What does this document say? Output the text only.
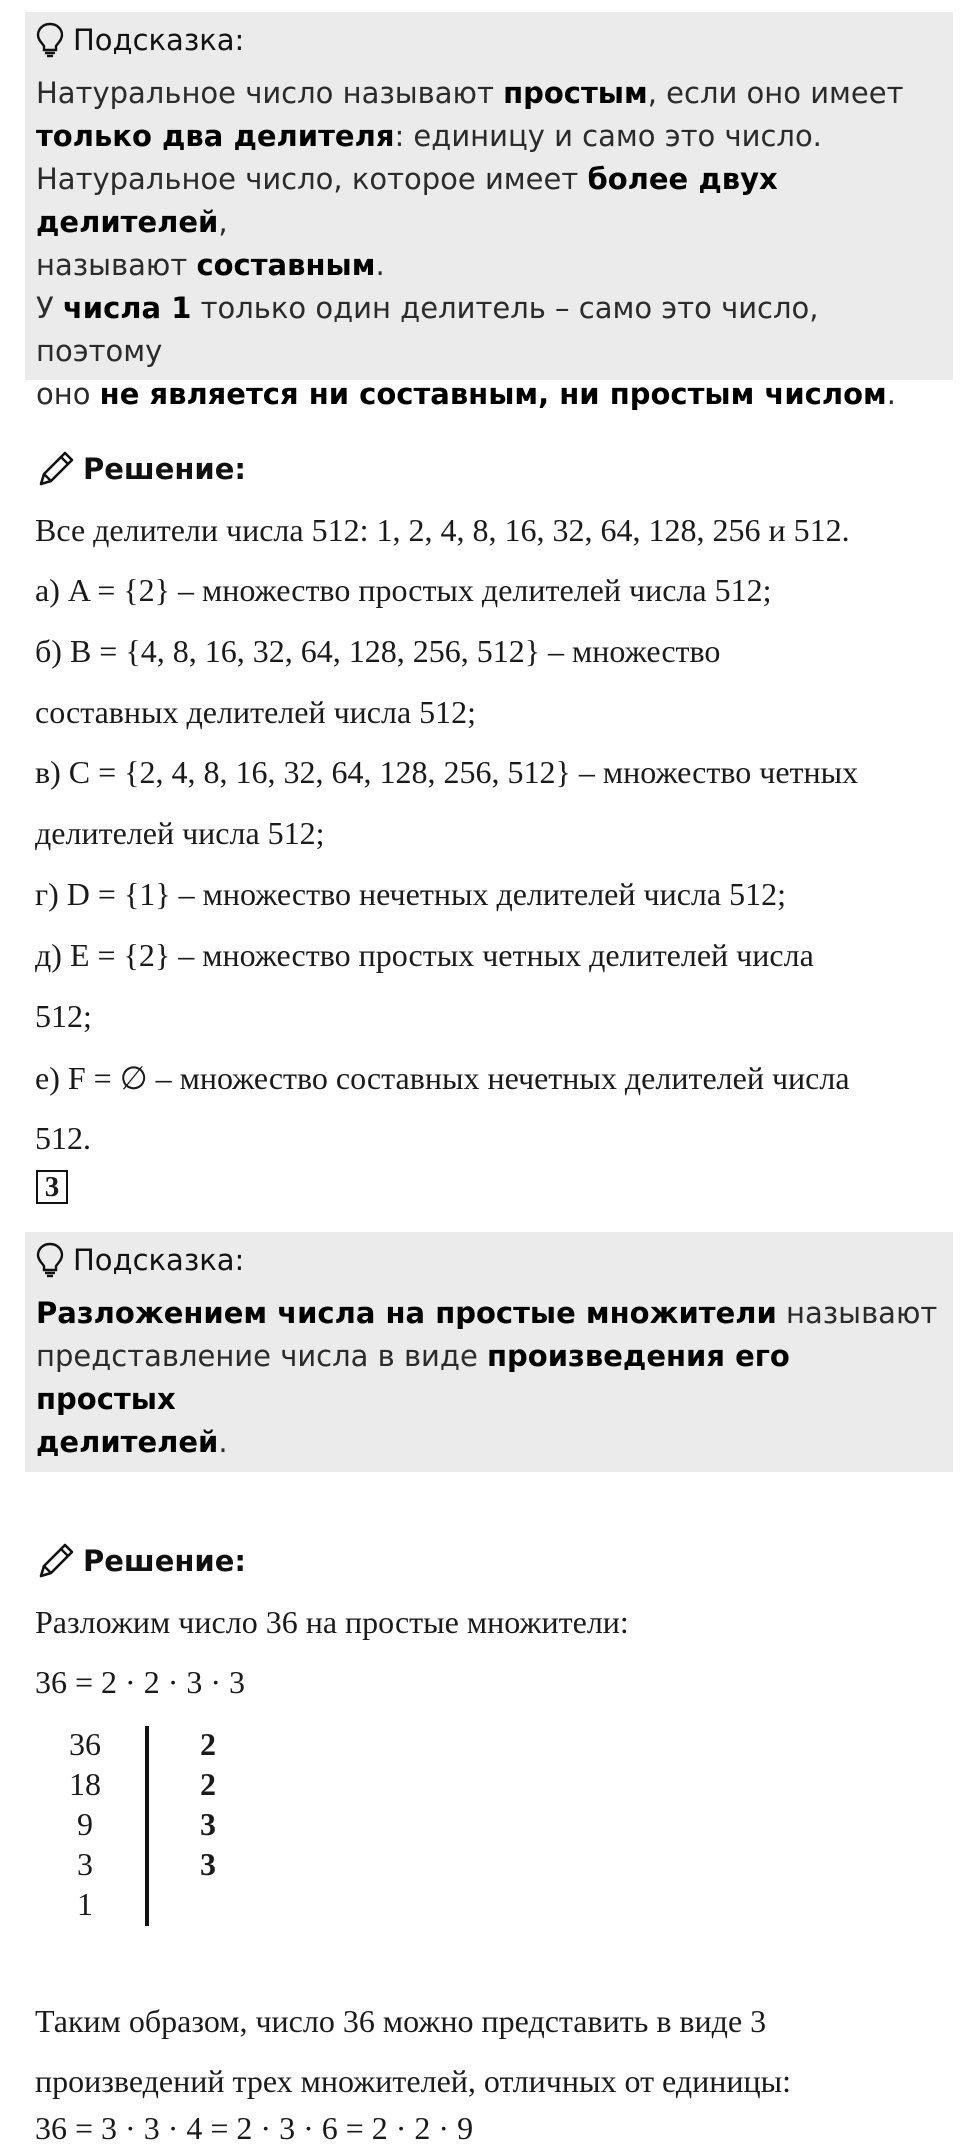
Подсказка:
Натуральное число называют простым, если оно имеет
только два делителя: единицу и само это число.
Натуральное число, которое имеет более двух делителей,
называют составным.
У числа 1 только один делитель – само это число, поэтому
оно не является ни составным, ни простым числом.
Решение:
Все делители числа 512: 1, 2, 4, 8, 16, 32, 64, 128, 256 и 512.
а) A = {2} – множество простых делителей числа 512;
б) B = {4, 8, 16, 32, 64, 128, 256, 512} – множество
составных делителей числа 512;
в) C = {2, 4, 8, 16, 32, 64, 128, 256, 512} – множество четных
делителей числа 512;
г) D = {1} – множество нечетных делителей числа 512;
д) E = {2} – множество простых четных делителей числа
512;
е) F = ∅ – множество составных нечетных делителей числа
512.
3
Подсказка:
Разложением числа на простые множители называют
представление числа в виде произведения его простых
делителей.
Решение:
Разложим число 36 на простые множители:
36 = 2 · 2 · 3 · 3
36
18
9
3
1
2
2
3
3
Таким образом, число 36 можно представить в виде 3
произведений трех множителей, отличных от единицы:
36 = 3 · 3 · 4 = 2 · 3 · 6 = 2 · 2 · 9
